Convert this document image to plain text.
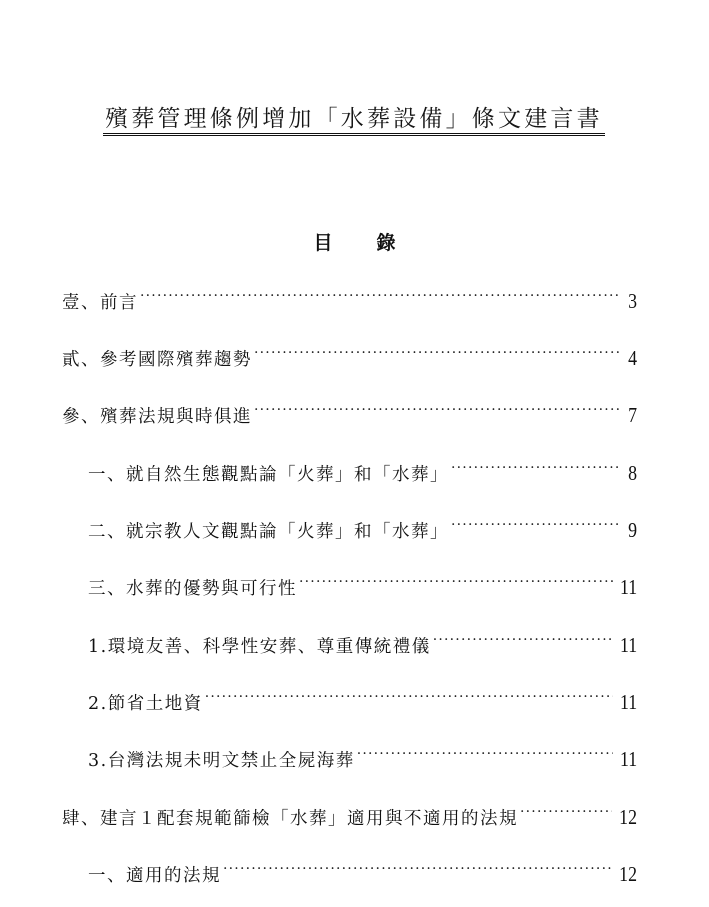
殯葬管理條例增加「水葬設備」條文建言書
目 錄
壹、前言 ·····	3
貳、參考國際殯葬趨勢 ·····	4
參、殯葬法規與時俱進 ·····	7
一、就自然生態觀點論「火葬」和「水葬」 ·····	8
二、就宗教人文觀點論「火葬」和「水葬」 ·····	9
三、水葬的優勢與可行性 ·····	11
1.環境友善、科學性安葬、尊重傳統禮儀 ·····	11
2.節省土地資 ·····	11
3.台灣法規未明文禁止全屍海葬 ·····	11
肆、建言１配套規範篩檢「水葬」適用與不適用的法規 ·····	12
一、適用的法規 ·····	12
